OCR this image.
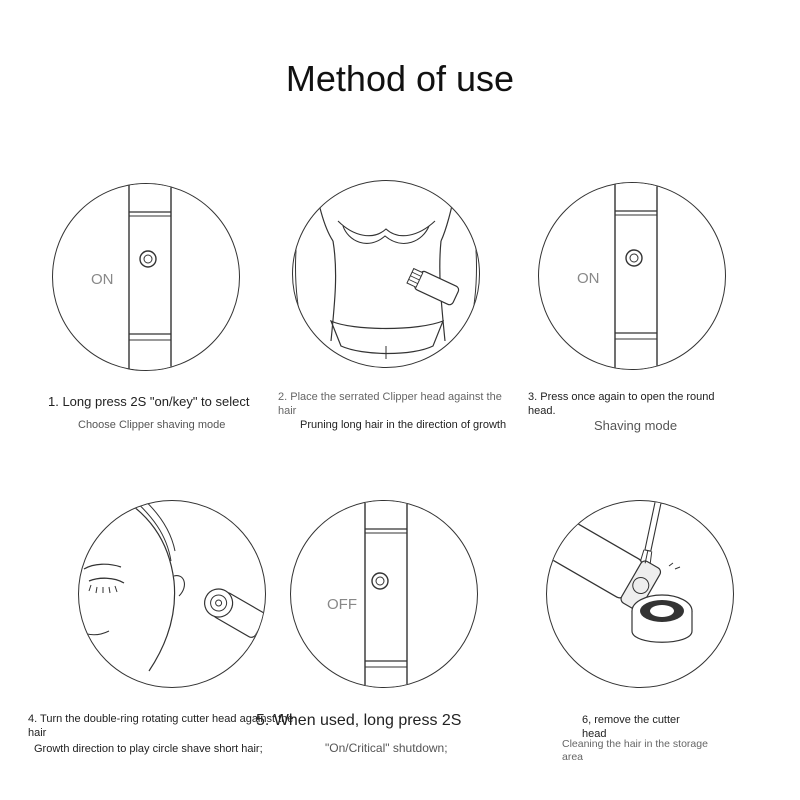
Method of use
ON
1. Long press 2S "on/key" to select
Choose Clipper shaving mode
2. Place the serrated Clipper head against the hair
Pruning long hair in the direction of growth
ON
3. Press once again to open the round head.
Shaving mode
4. Turn the double-ring rotating cutter head against the hair
Growth direction to play circle shave short hair;
OFF
5. When used, long press 2S
"On/Critical" shutdown;
6, remove the cutter head
Cleaning the hair in the storage area
